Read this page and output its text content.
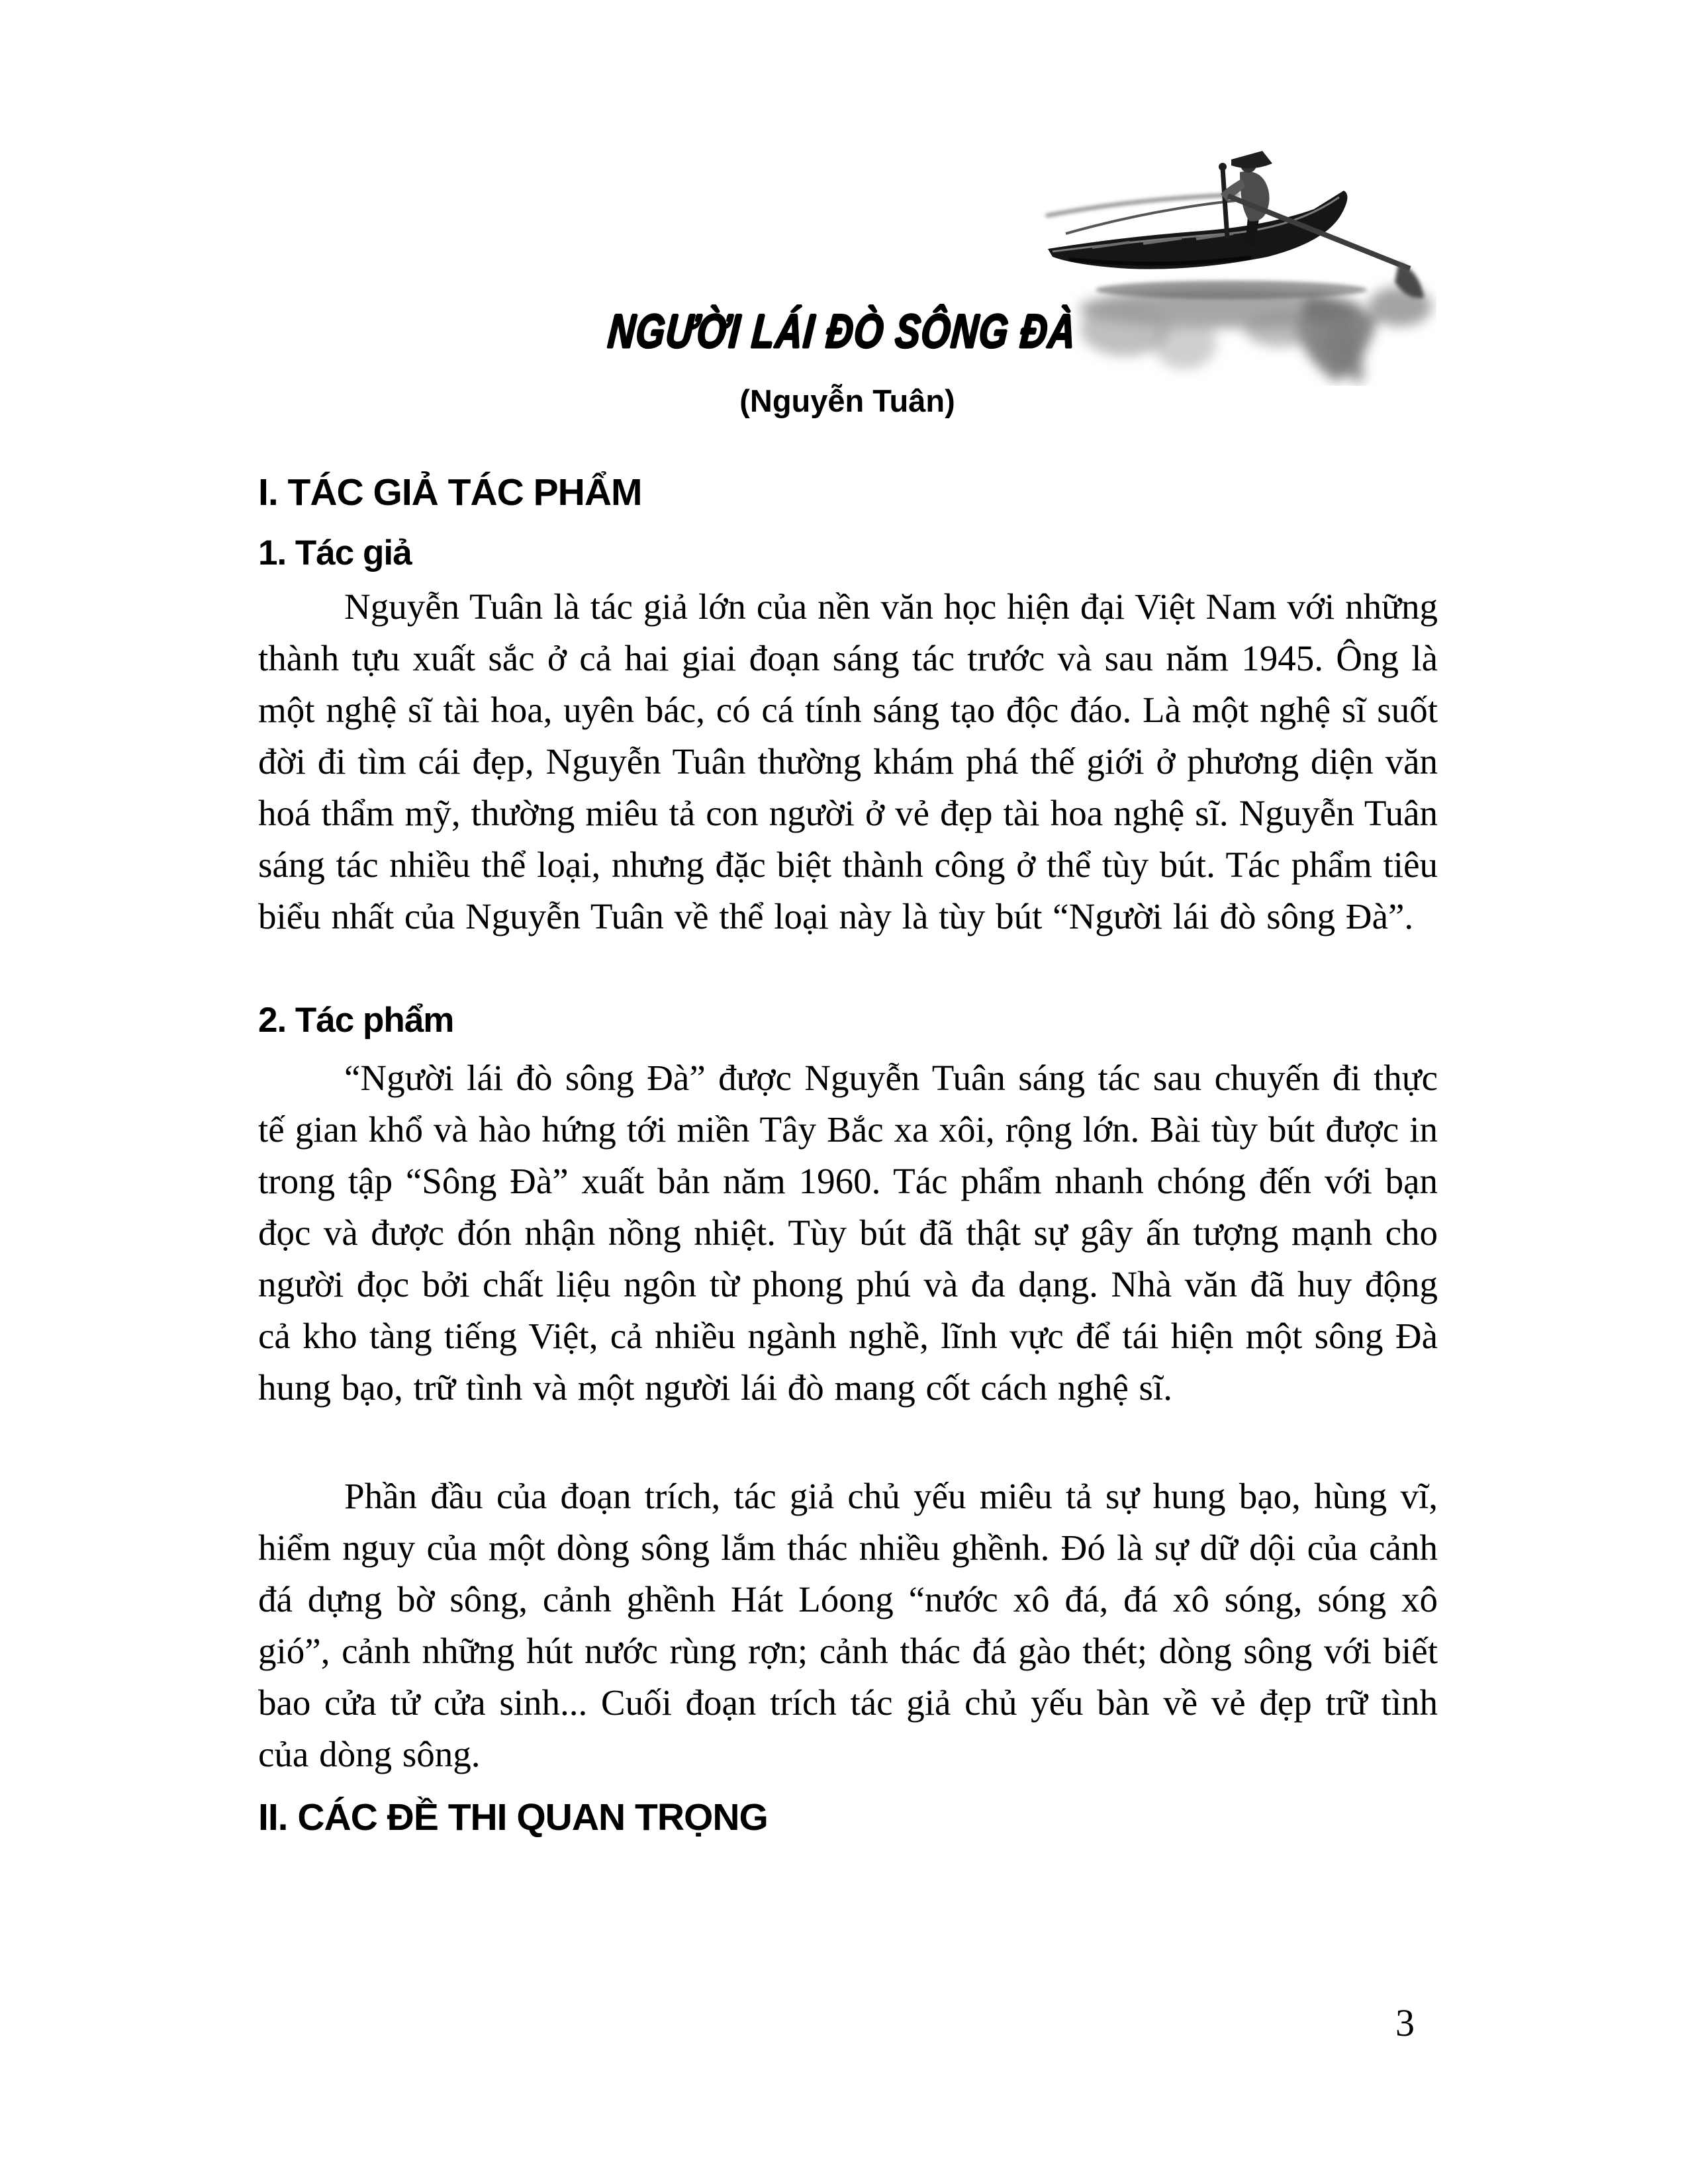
NGƯỜI LÁI ĐÒ SÔNG ĐÀ
(Nguyễn Tuân)
I. TÁC GIẢ TÁC PHẨM
1. Tác giả
Nguyễn Tuân là tác giả lớn của nền văn học hiện đại Việt Nam với những thành tựu xuất sắc ở cả hai giai đoạn sáng tác trước và sau năm 1945. Ông là một nghệ sĩ tài hoa, uyên bác, có cá tính sáng tạo độc đáo. Là một nghệ sĩ suốt đời đi tìm cái đẹp, Nguyễn Tuân thường khám phá thế giới ở phương diện văn hoá thẩm mỹ, thường miêu tả con người ở vẻ đẹp tài hoa nghệ sĩ. Nguyễn Tuân sáng tác nhiều thể loại, nhưng đặc biệt thành công ở thể tùy bút. Tác phẩm tiêu biểu nhất của Nguyễn Tuân về thể loại này là tùy bút “Người lái đò sông Đà”.
2. Tác phẩm
“Người lái đò sông Đà” được Nguyễn Tuân sáng tác sau chuyến đi thực tế gian khổ và hào hứng tới miền Tây Bắc xa xôi, rộng lớn. Bài tùy bút được in trong tập “Sông Đà” xuất bản năm 1960. Tác phẩm nhanh chóng đến với bạn đọc và được đón nhận nồng nhiệt. Tùy bút đã thật sự gây ấn tượng mạnh cho người đọc bởi chất liệu ngôn từ phong phú và đa dạng. Nhà văn đã huy động cả kho tàng tiếng Việt, cả nhiều ngành nghề, lĩnh vực để tái hiện một sông Đà hung bạo, trữ tình và một người lái đò mang cốt cách nghệ sĩ.
Phần đầu của đoạn trích, tác giả chủ yếu miêu tả sự hung bạo, hùng vĩ, hiểm nguy của một dòng sông lắm thác nhiều ghềnh. Đó là sự dữ dội của cảnh đá dựng bờ sông, cảnh ghềnh Hát Lóong “nước xô đá, đá xô sóng, sóng xô gió”, cảnh những hút nước rùng rợn; cảnh thác đá gào thét; dòng sông với biết bao cửa tử cửa sinh... Cuối đoạn trích tác giả chủ yếu bàn về vẻ đẹp trữ tình của dòng sông.
II. CÁC ĐỀ THI QUAN TRỌNG
3
